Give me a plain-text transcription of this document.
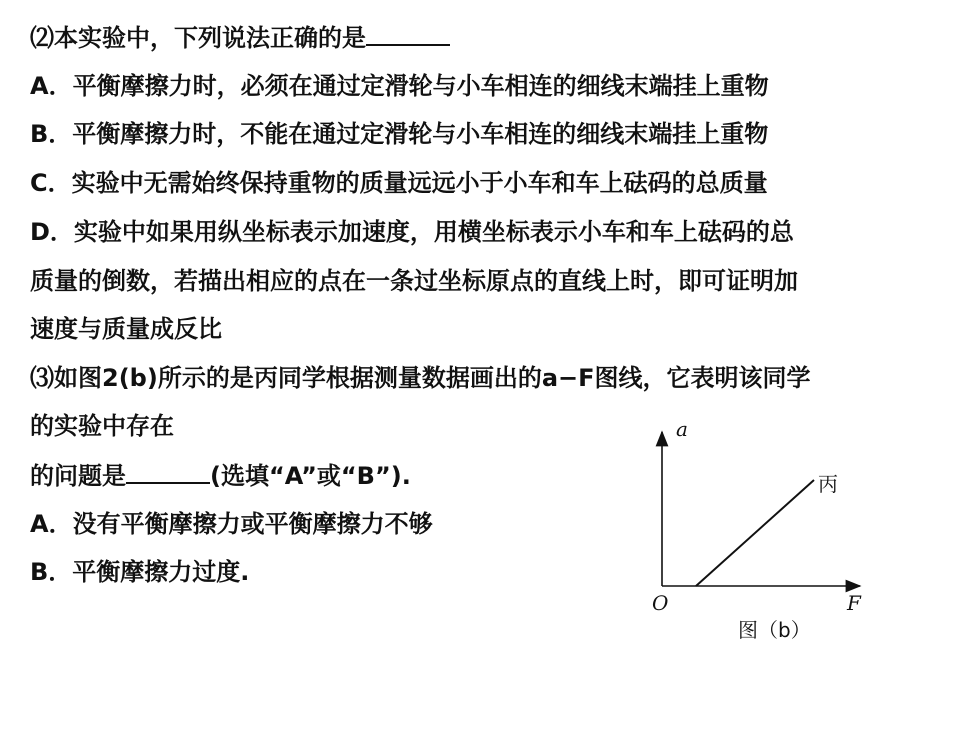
⑵本实验中，下列说法正确的是
A．平衡摩擦力时，必须在通过定滑轮与小车相连的细线末端挂上重物
B．平衡摩擦力时，不能在通过定滑轮与小车相连的细线末端挂上重物
C．实验中无需始终保持重物的质量远远小于小车和车上砝码的总质量
D．实验中如果用纵坐标表示加速度，用横坐标表示小车和车上砝码的总
质量的倒数，若描出相应的点在一条过坐标原点的直线上时，即可证明加
速度与质量成反比
⑶如图2(b)所示的是丙同学根据测量数据画出的a−F图线，它表明该同学
的实验中存在
的问题是	(选填“A”或“B”).
A．没有平衡摩擦力或平衡摩擦力不够
B．平衡摩擦力过度.
a
F
O
丙
图（b）
